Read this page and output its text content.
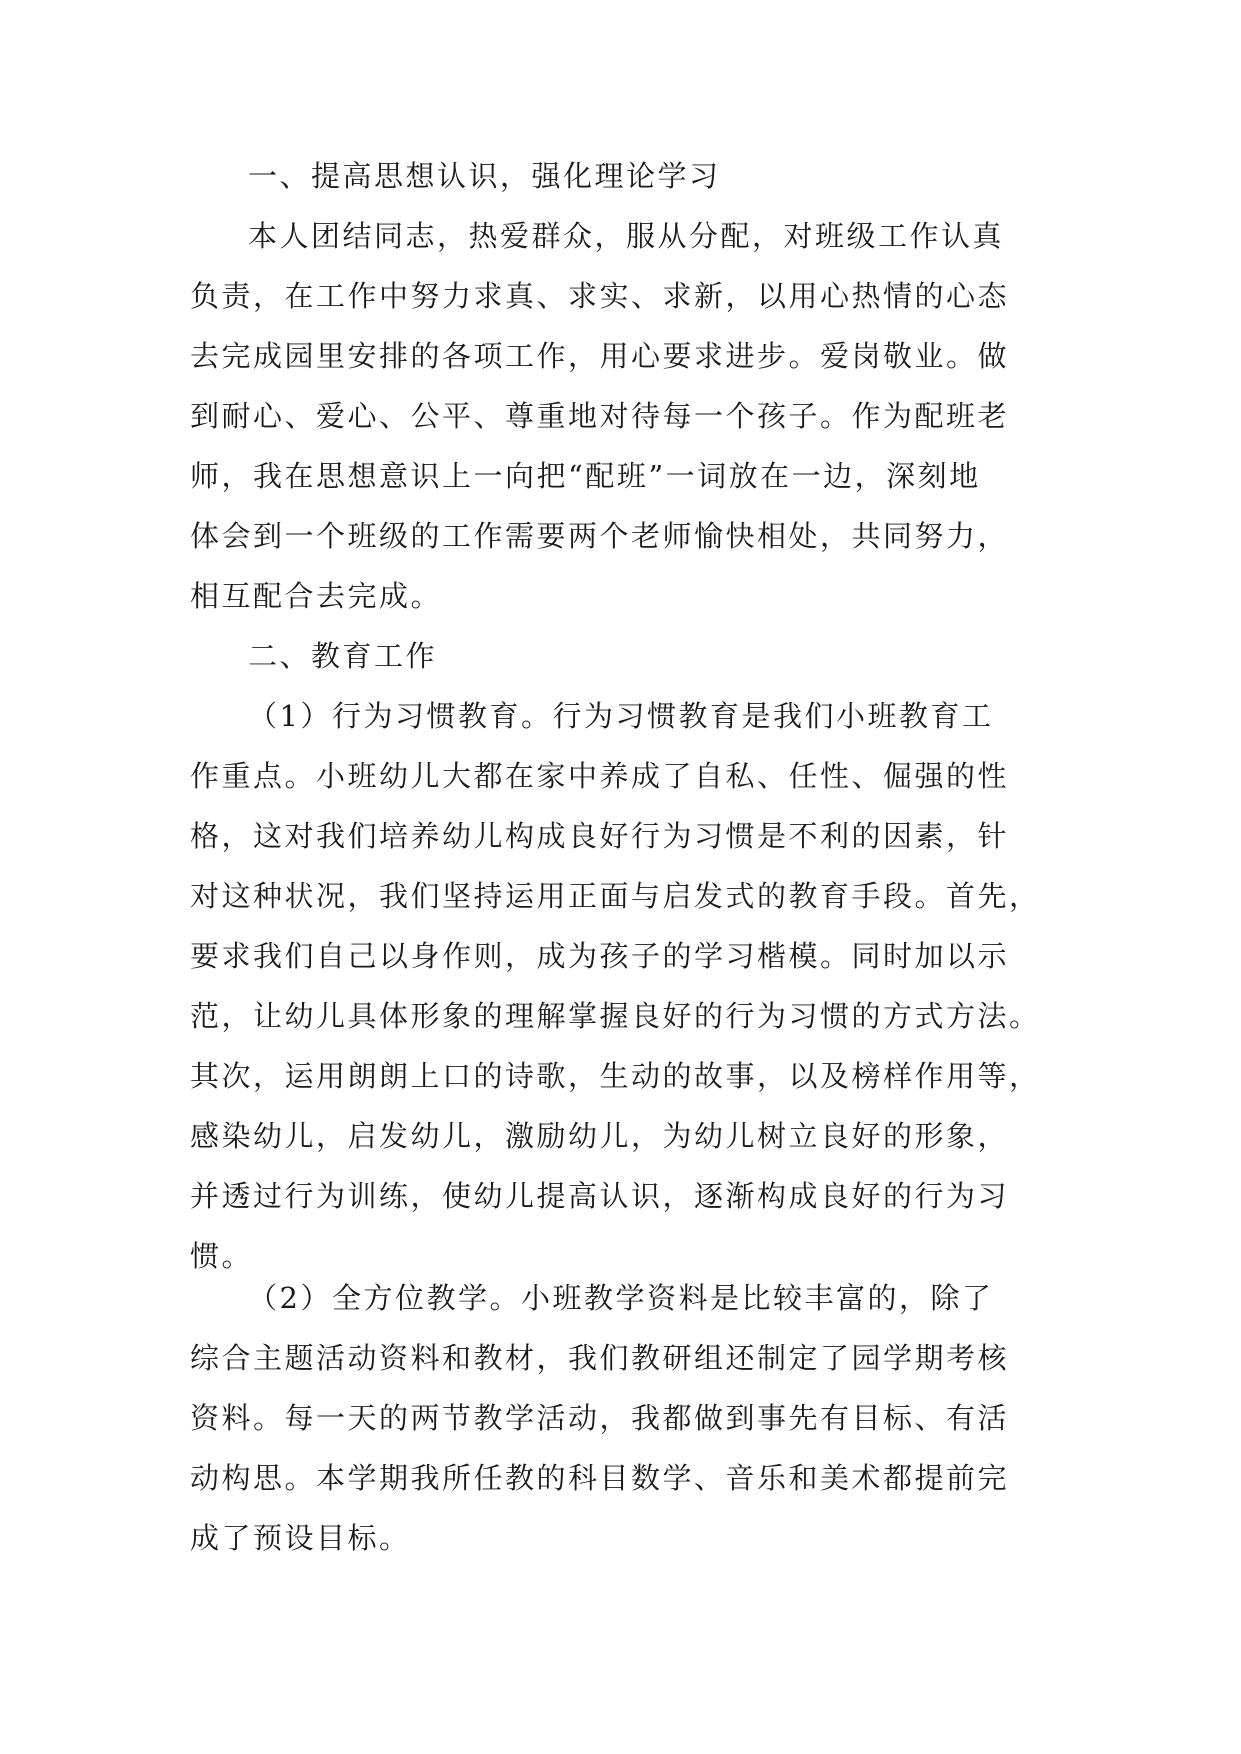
一、提高思想认识，强化理论学习
本人团结同志，热爱群众，服从分配，对班级工作认真
负责，在工作中努力求真、求实、求新，以用心热情的心态
去完成园里安排的各项工作，用心要求进步。爱岗敬业。做
到耐心、爱心、公平、尊重地对待每一个孩子。作为配班老
师，我在思想意识上一向把“配班”一词放在一边，深刻地
体会到一个班级的工作需要两个老师愉快相处，共同努力，
相互配合去完成。
二、教育工作
（1）行为习惯教育。行为习惯教育是我们小班教育工
作重点。小班幼儿大都在家中养成了自私、任性、倔强的性
格，这对我们培养幼儿构成良好行为习惯是不利的因素，针
对这种状况，我们坚持运用正面与启发式的教育手段。首先，
要求我们自己以身作则，成为孩子的学习楷模。同时加以示
范，让幼儿具体形象的理解掌握良好的行为习惯的方式方法。
其次，运用朗朗上口的诗歌，生动的故事，以及榜样作用等，
感染幼儿，启发幼儿，激励幼儿，为幼儿树立良好的形象，
并透过行为训练，使幼儿提高认识，逐渐构成良好的行为习
惯。
（2）全方位教学。小班教学资料是比较丰富的，除了
综合主题活动资料和教材，我们教研组还制定了园学期考核
资料。每一天的两节教学活动，我都做到事先有目标、有活
动构思。本学期我所任教的科目数学、音乐和美术都提前完
成了预设目标。
